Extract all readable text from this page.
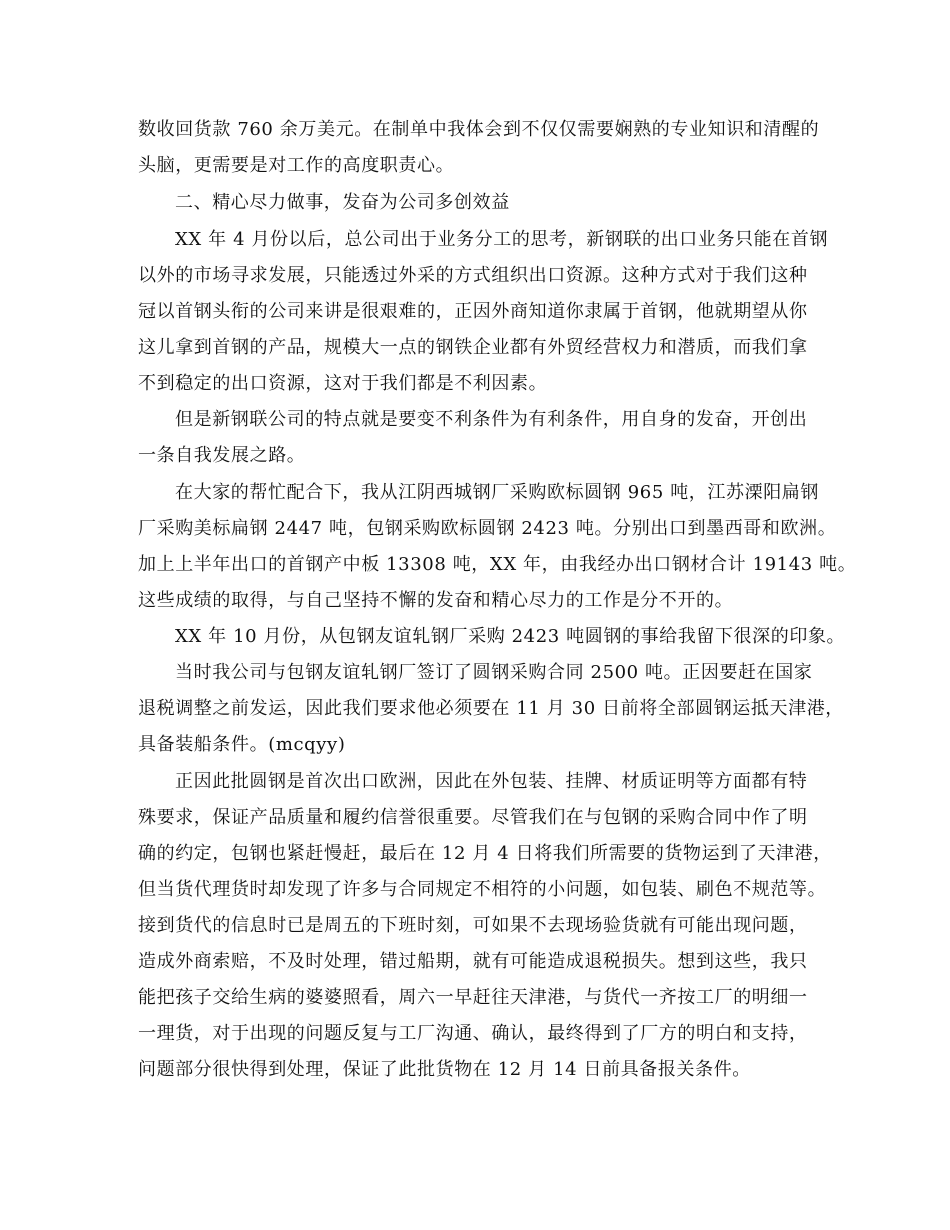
数收回货款 760 余万美元。在制单中我体会到不仅仅需要娴熟的专业知识和清醒的
头脑，更需要是对工作的高度职责心。
二、精心尽力做事，发奋为公司多创效益
XX 年 4 月份以后，总公司出于业务分工的思考，新钢联的出口业务只能在首钢
以外的市场寻求发展，只能透过外采的方式组织出口资源。这种方式对于我们这种
冠以首钢头衔的公司来讲是很艰难的，正因外商知道你隶属于首钢，他就期望从你
这儿拿到首钢的产品，规模大一点的钢铁企业都有外贸经营权力和潜质，而我们拿
不到稳定的出口资源，这对于我们都是不利因素。
但是新钢联公司的特点就是要变不利条件为有利条件，用自身的发奋，开创出
一条自我发展之路。
在大家的帮忙配合下，我从江阴西城钢厂采购欧标圆钢 965 吨，江苏溧阳扁钢
厂采购美标扁钢 2447 吨，包钢采购欧标圆钢 2423 吨。分别出口到墨西哥和欧洲。
加上上半年出口的首钢产中板 13308 吨，XX 年，由我经办出口钢材合计 19143 吨。
这些成绩的取得，与自己坚持不懈的发奋和精心尽力的工作是分不开的。
XX 年 10 月份，从包钢友谊轧钢厂采购 2423 吨圆钢的事给我留下很深的印象。
当时我公司与包钢友谊轧钢厂签订了圆钢采购合同 2500 吨。正因要赶在国家
退税调整之前发运，因此我们要求他必须要在 11 月 30 日前将全部圆钢运抵天津港，
具备装船条件。(mcqyy)
正因此批圆钢是首次出口欧洲，因此在外包装、挂牌、材质证明等方面都有特
殊要求，保证产品质量和履约信誉很重要。尽管我们在与包钢的采购合同中作了明
确的约定，包钢也紧赶慢赶，最后在 12 月 4 日将我们所需要的货物运到了天津港，
但当货代理货时却发现了许多与合同规定不相符的小问题，如包装、刷色不规范等。
接到货代的信息时已是周五的下班时刻，可如果不去现场验货就有可能出现问题，
造成外商索赔，不及时处理，错过船期，就有可能造成退税损失。想到这些，我只
能把孩子交给生病的婆婆照看，周六一早赶往天津港，与货代一齐按工厂的明细一
一理货，对于出现的问题反复与工厂沟通、确认，最终得到了厂方的明白和支持，
问题部分很快得到处理，保证了此批货物在 12 月 14 日前具备报关条件。
